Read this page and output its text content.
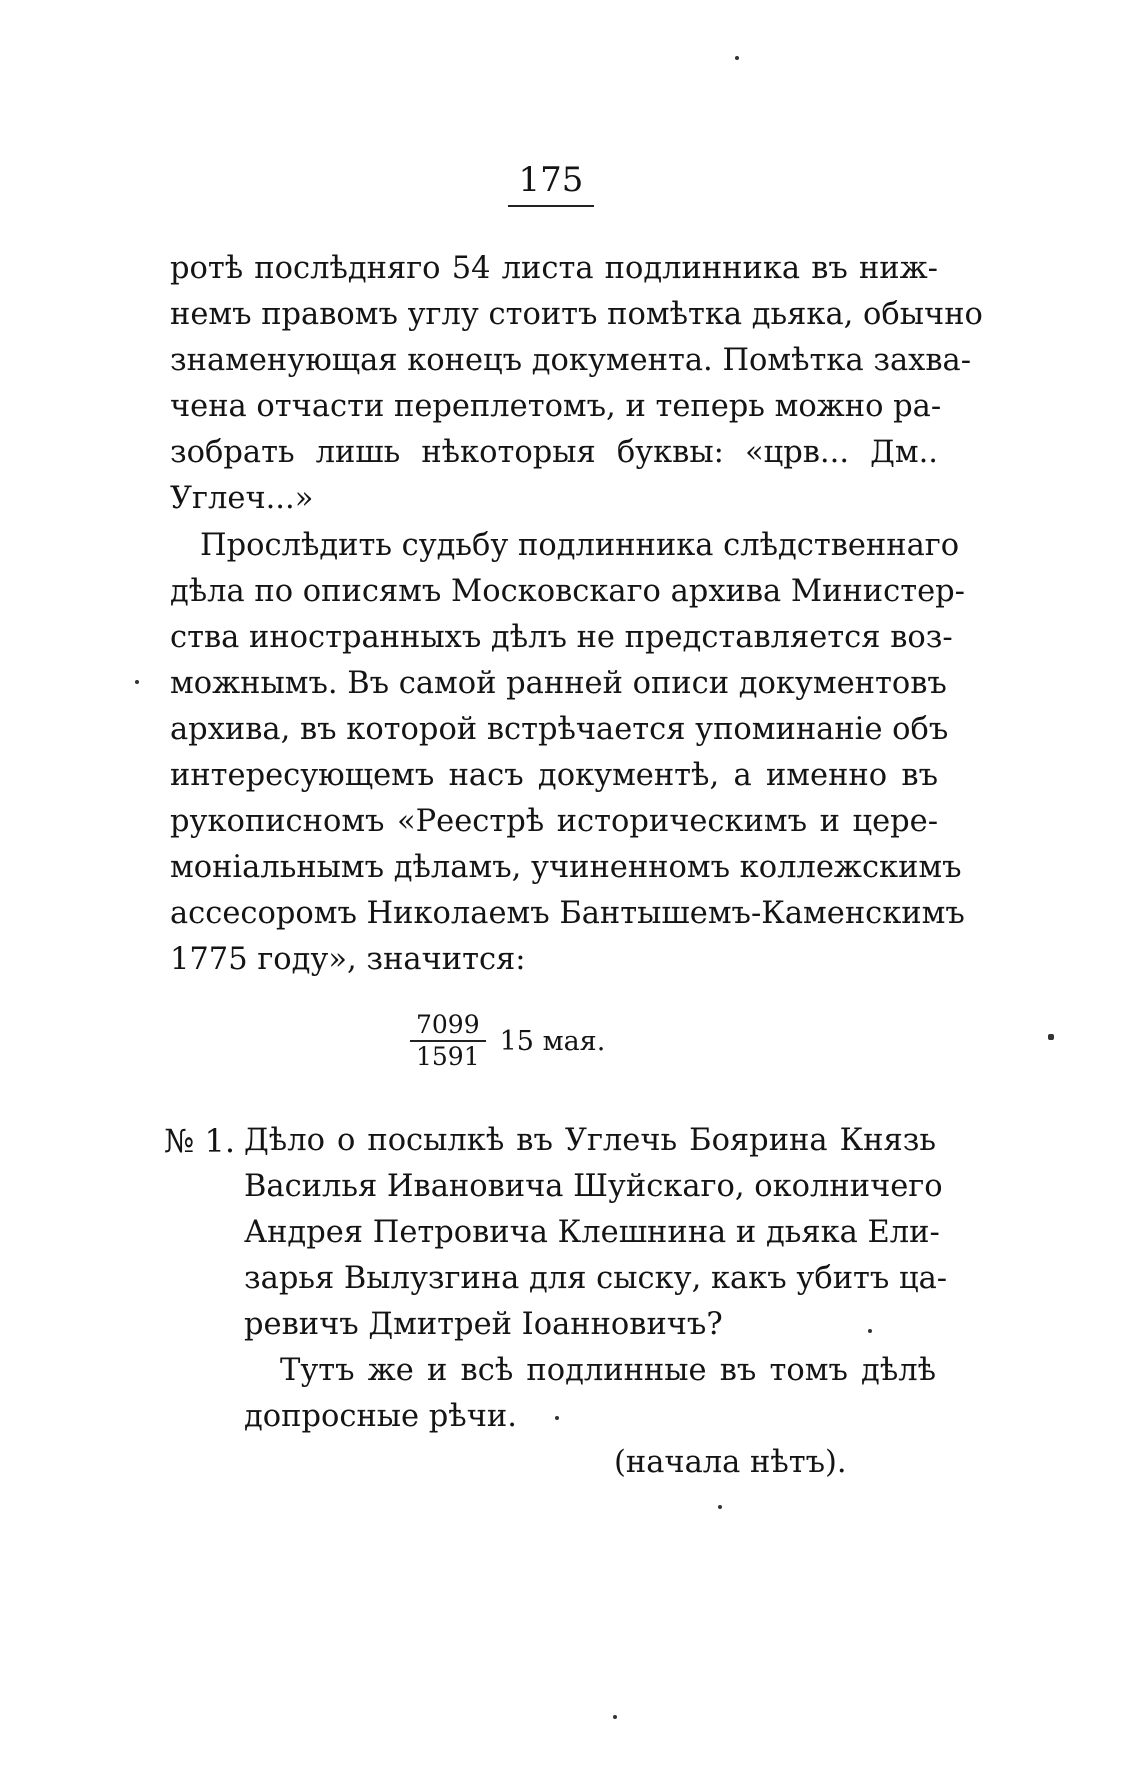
175
ротѣ послѣдняго 54 листа подлинника въ ниж-
немъ правомъ углу стоитъ помѣтка дьяка, обычно
знаменующая конецъ документа. Помѣтка захва-
чена отчасти переплетомъ, и теперь можно ра-
зобрать лишь нѣкоторыя буквы: «црв... Дм..
Углеч...»
Прослѣдить судьбу подлинника слѣдственнаго
дѣла по описямъ Московскаго архива Министер-
ства иностранныхъ дѣлъ не представляется воз-
можнымъ. Въ самой ранней описи документовъ
архива, въ которой встрѣчается упоминаніе объ
интересующемъ насъ документѣ, а именно въ
рукописномъ «Реестрѣ историческимъ и цере-
моніальнымъ дѣламъ, учиненномъ коллежскимъ
ассесоромъ Николаемъ Бантышемъ-Каменскимъ
1775 году», значится:
$\frac{7099}{1591} 15$ мая.
№ 1. Дѣло о посылкѣ въ Углечь Боярина Князь
Василья Ивановича Шуйскаго, околничего
Андрея Петровича Клешнина и дьяка Ели-
зарья Вылузгина для сыску, какъ убитъ ца-
ревичъ Дмитрей Іоанновичъ?
Тутъ же и всѣ подлинные въ томъ дѣлѣ
допросные рѣчи.
(начала нѣтъ).
